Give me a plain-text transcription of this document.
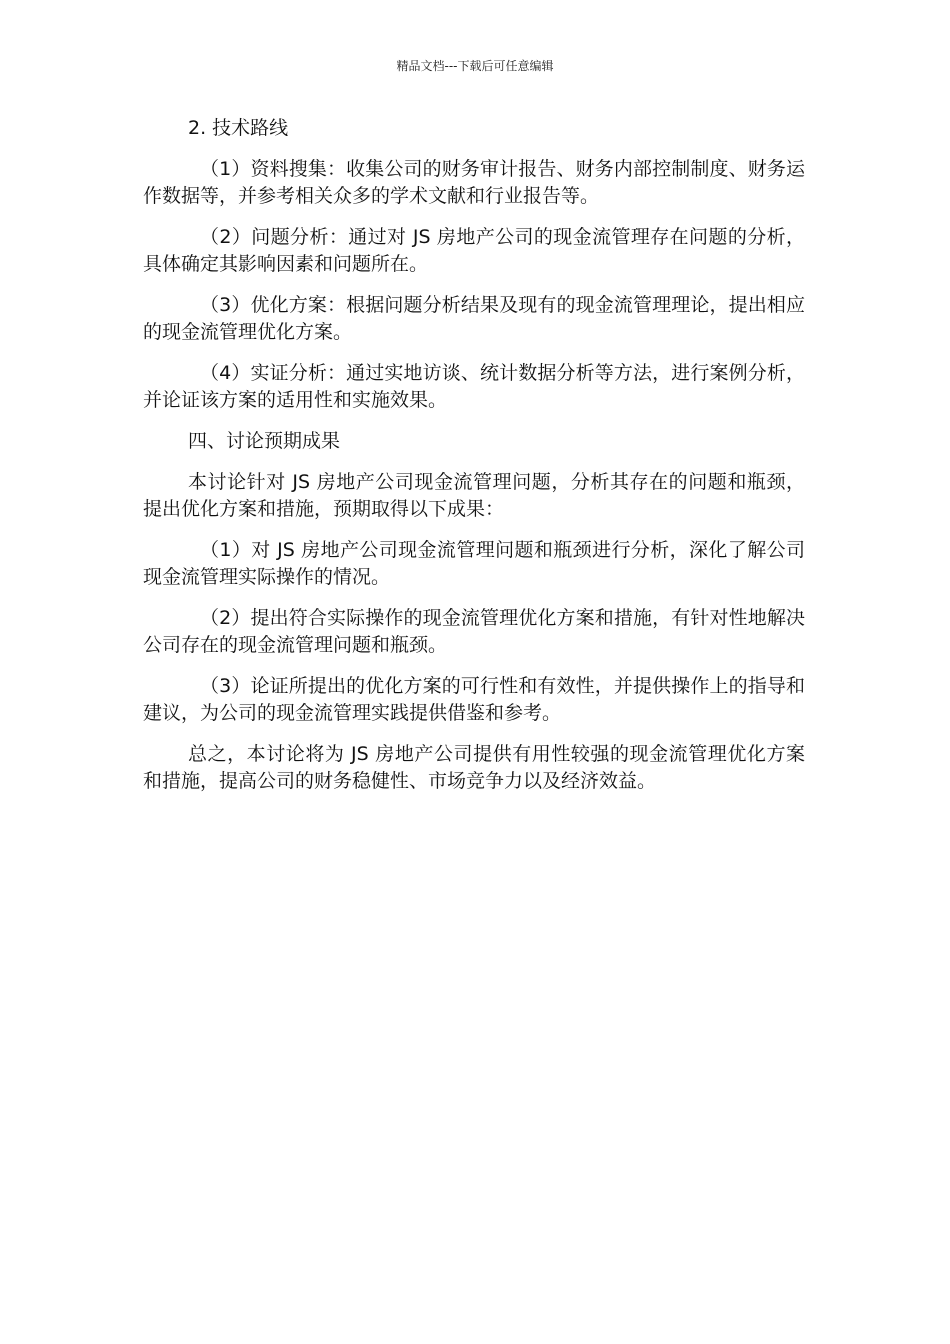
精品文档---下载后可任意编辑

2. 技术路线

（1）资料搜集：收集公司的财务审计报告、财务内部控制制度、财务运作数据等，并参考相关众多的学术文献和行业报告等。

（2）问题分析：通过对 JS 房地产公司的现金流管理存在问题的分析，具体确定其影响因素和问题所在。

（3）优化方案：根据问题分析结果及现有的现金流管理理论，提出相应的现金流管理优化方案。

（4）实证分析：通过实地访谈、统计数据分析等方法，进行案例分析，并论证该方案的适用性和实施效果。

四、讨论预期成果

本讨论针对 JS 房地产公司现金流管理问题，分析其存在的问题和瓶颈，提出优化方案和措施，预期取得以下成果：

（1）对 JS 房地产公司现金流管理问题和瓶颈进行分析，深化了解公司现金流管理实际操作的情况。

（2）提出符合实际操作的现金流管理优化方案和措施，有针对性地解决公司存在的现金流管理问题和瓶颈。

（3）论证所提出的优化方案的可行性和有效性，并提供操作上的指导和建议，为公司的现金流管理实践提供借鉴和参考。

总之，本讨论将为 JS 房地产公司提供有用性较强的现金流管理优化方案和措施，提高公司的财务稳健性、市场竞争力以及经济效益。
